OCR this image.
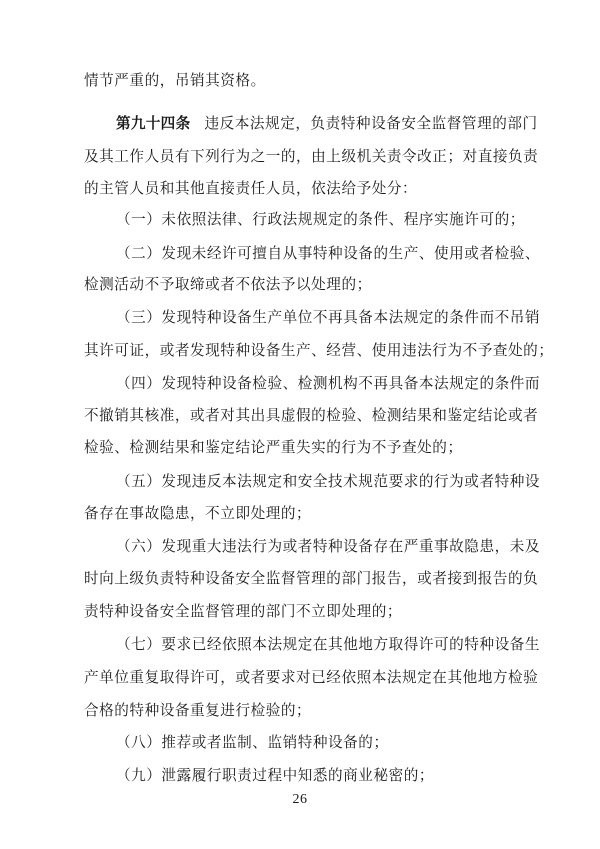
情节严重的，吊销其资格。
第九十四条 违反本法规定，负责特种设备安全监督管理的部门
及其工作人员有下列行为之一的，由上级机关责令改正；对直接负责
的主管人员和其他直接责任人员，依法给予处分：
（一）未依照法律、行政法规规定的条件、程序实施许可的；
（二）发现未经许可擅自从事特种设备的生产、使用或者检验、
检测活动不予取缔或者不依法予以处理的；
（三）发现特种设备生产单位不再具备本法规定的条件而不吊销
其许可证，或者发现特种设备生产、经营、使用违法行为不予查处的；
（四）发现特种设备检验、检测机构不再具备本法规定的条件而
不撤销其核准，或者对其出具虚假的检验、检测结果和鉴定结论或者
检验、检测结果和鉴定结论严重失实的行为不予查处的；
（五）发现违反本法规定和安全技术规范要求的行为或者特种设
备存在事故隐患，不立即处理的；
（六）发现重大违法行为或者特种设备存在严重事故隐患，未及
时向上级负责特种设备安全监督管理的部门报告，或者接到报告的负
责特种设备安全监督管理的部门不立即处理的；
（七）要求已经依照本法规定在其他地方取得许可的特种设备生
产单位重复取得许可，或者要求对已经依照本法规定在其他地方检验
合格的特种设备重复进行检验的；
（八）推荐或者监制、监销特种设备的；
（九）泄露履行职责过程中知悉的商业秘密的；
26
